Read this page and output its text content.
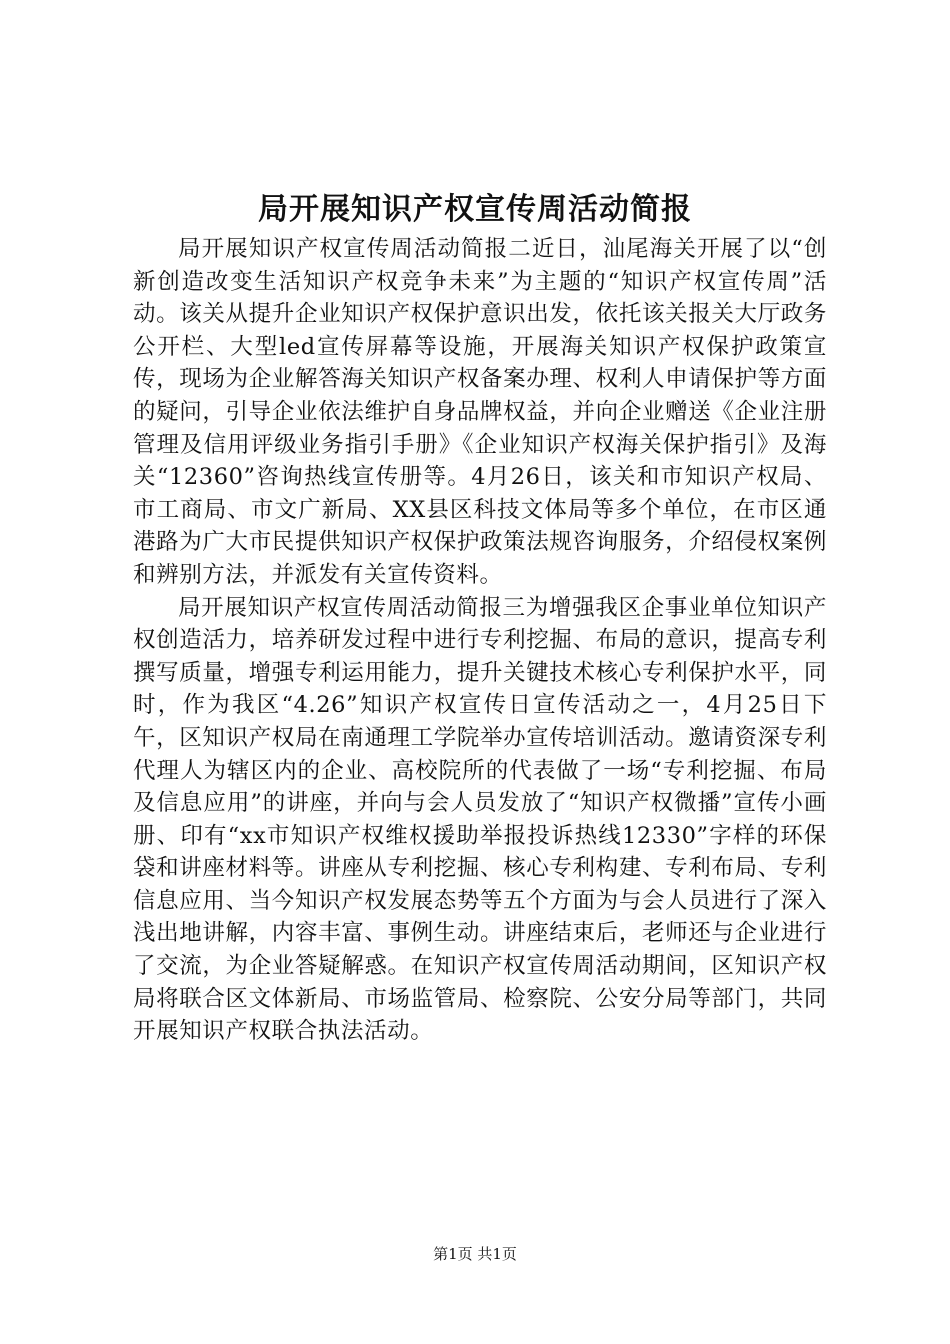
局开展知识产权宣传周活动简报

局开展知识产权宣传周活动简报二近日，汕尾海关开展了以“创新创造改变生活知识产权竞争未来”为主题的“知识产权宣传周”活动。该关从提升企业知识产权保护意识出发，依托该关报关大厅政务公开栏、大型led宣传屏幕等设施，开展海关知识产权保护政策宣传，现场为企业解答海关知识产权备案办理、权利人申请保护等方面的疑问，引导企业依法维护自身品牌权益，并向企业赠送《企业注册管理及信用评级业务指引手册》《企业知识产权海关保护指引》及海关“12360”咨询热线宣传册等。4月26日，该关和市知识产权局、市工商局、市文广新局、XX县区科技文体局等多个单位，在市区通港路为广大市民提供知识产权保护政策法规咨询服务，介绍侵权案例和辨别方法，并派发有关宣传资料。

局开展知识产权宣传周活动简报三为增强我区企事业单位知识产权创造活力，培养研发过程中进行专利挖掘、布局的意识，提高专利撰写质量，增强专利运用能力，提升关键技术核心专利保护水平，同时，作为我区“4.26”知识产权宣传日宣传活动之一，4月25日下午，区知识产权局在南通理工学院举办宣传培训活动。邀请资深专利代理人为辖区内的企业、高校院所的代表做了一场“专利挖掘、布局及信息应用”的讲座，并向与会人员发放了“知识产权微播”宣传小画册、印有“xx市知识产权维权援助举报投诉热线12330”字样的环保袋和讲座材料等。讲座从专利挖掘、核心专利构建、专利布局、专利信息应用、当今知识产权发展态势等五个方面为与会人员进行了深入浅出地讲解，内容丰富、事例生动。讲座结束后，老师还与企业进行了交流，为企业答疑解惑。在知识产权宣传周活动期间，区知识产权局将联合区文体新局、市场监管局、检察院、公安分局等部门，共同开展知识产权联合执法活动。

第1页 共1页
